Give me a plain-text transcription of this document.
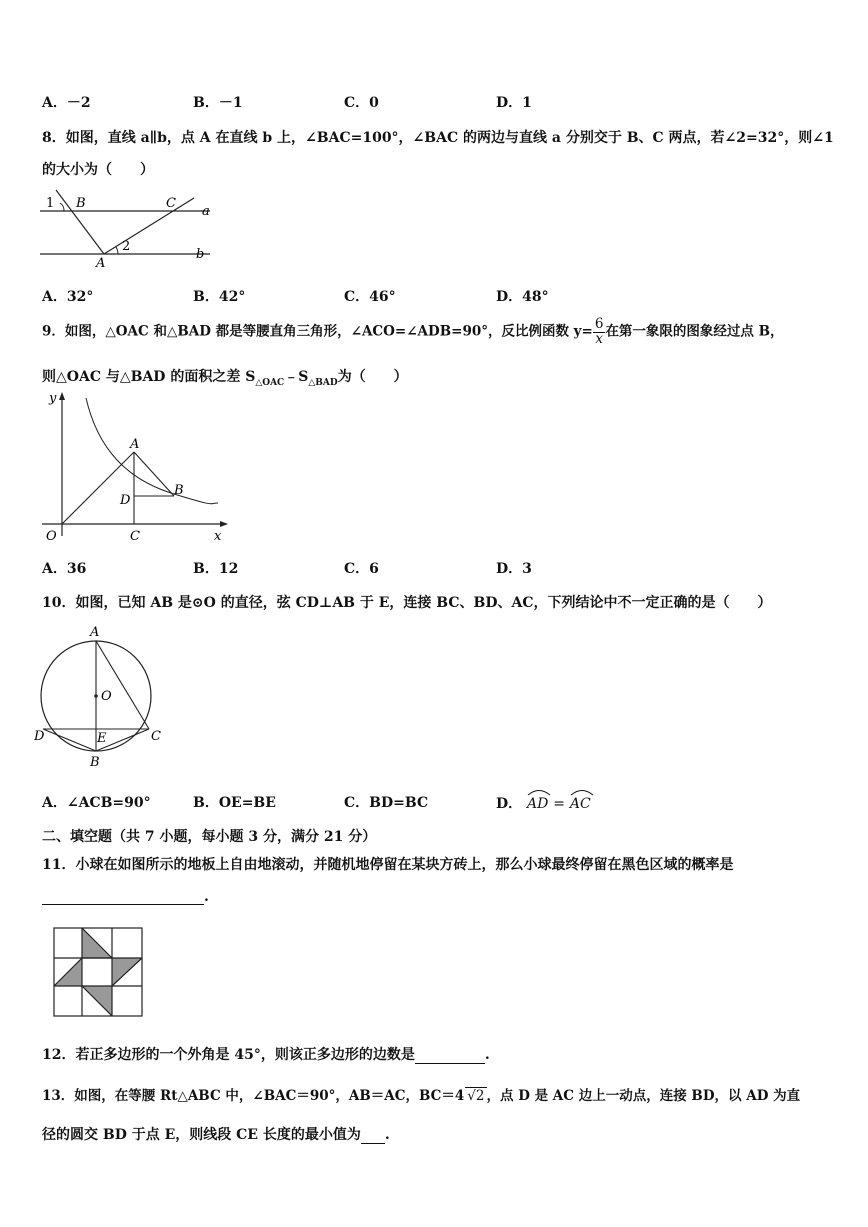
A．－2	B．－1	C．0	D．1
8．如图，直线 a∥b，点 A 在直线 b 上，∠BAC=100°，∠BAC 的两边与直线 a 分别交于 B、C 两点，若∠2=32°，则∠1
的大小为（　　）
1 B	C
a
A
2
b
A．32°	B．42°	C．46°	D．48°
9．如图，△OAC 和△BAD 都是等腰直角三角形，∠ACO=∠ADB=90°，反比例函数 $y= \frac{6}{x}$ 在第一象限的图象经过点 B，
则△OAC 与△BAD 的面积之差 $S_{\triangle OAC}﹣S_{\triangle BAD}$为（　　）
y
A
D
B
O	C	x
A．36	B．12	C．6	D．3
10．如图，已知 AB 是⊙O 的直径，弦 CD⊥AB 于 E，连接 BC、BD、AC，下列结论中不一定正确的是（　　）
A
O
D	E	C
B
A．∠ACB=90°	B．OE=BE	C．BD=BC	D． AD = AC
二、填空题（共 7 小题，每小题 3 分，满分 21 分）
11．小球在如图所示的地板上自由地滚动，并随机地停留在某块方砖上，那么小球最终停留在黑色区域的概率是
.
12．若正多边形的一个外角是 45°，则该正多边形的边数是	.
13．如图，在等腰 Rt△ABC 中，∠BAC＝90°，AB＝AC，BC＝4 √2 ，点 D 是 AC 边上一动点，连接 BD，以 AD 为直
径的圆交 BD 于点 E，则线段 CE 长度的最小值为 .
